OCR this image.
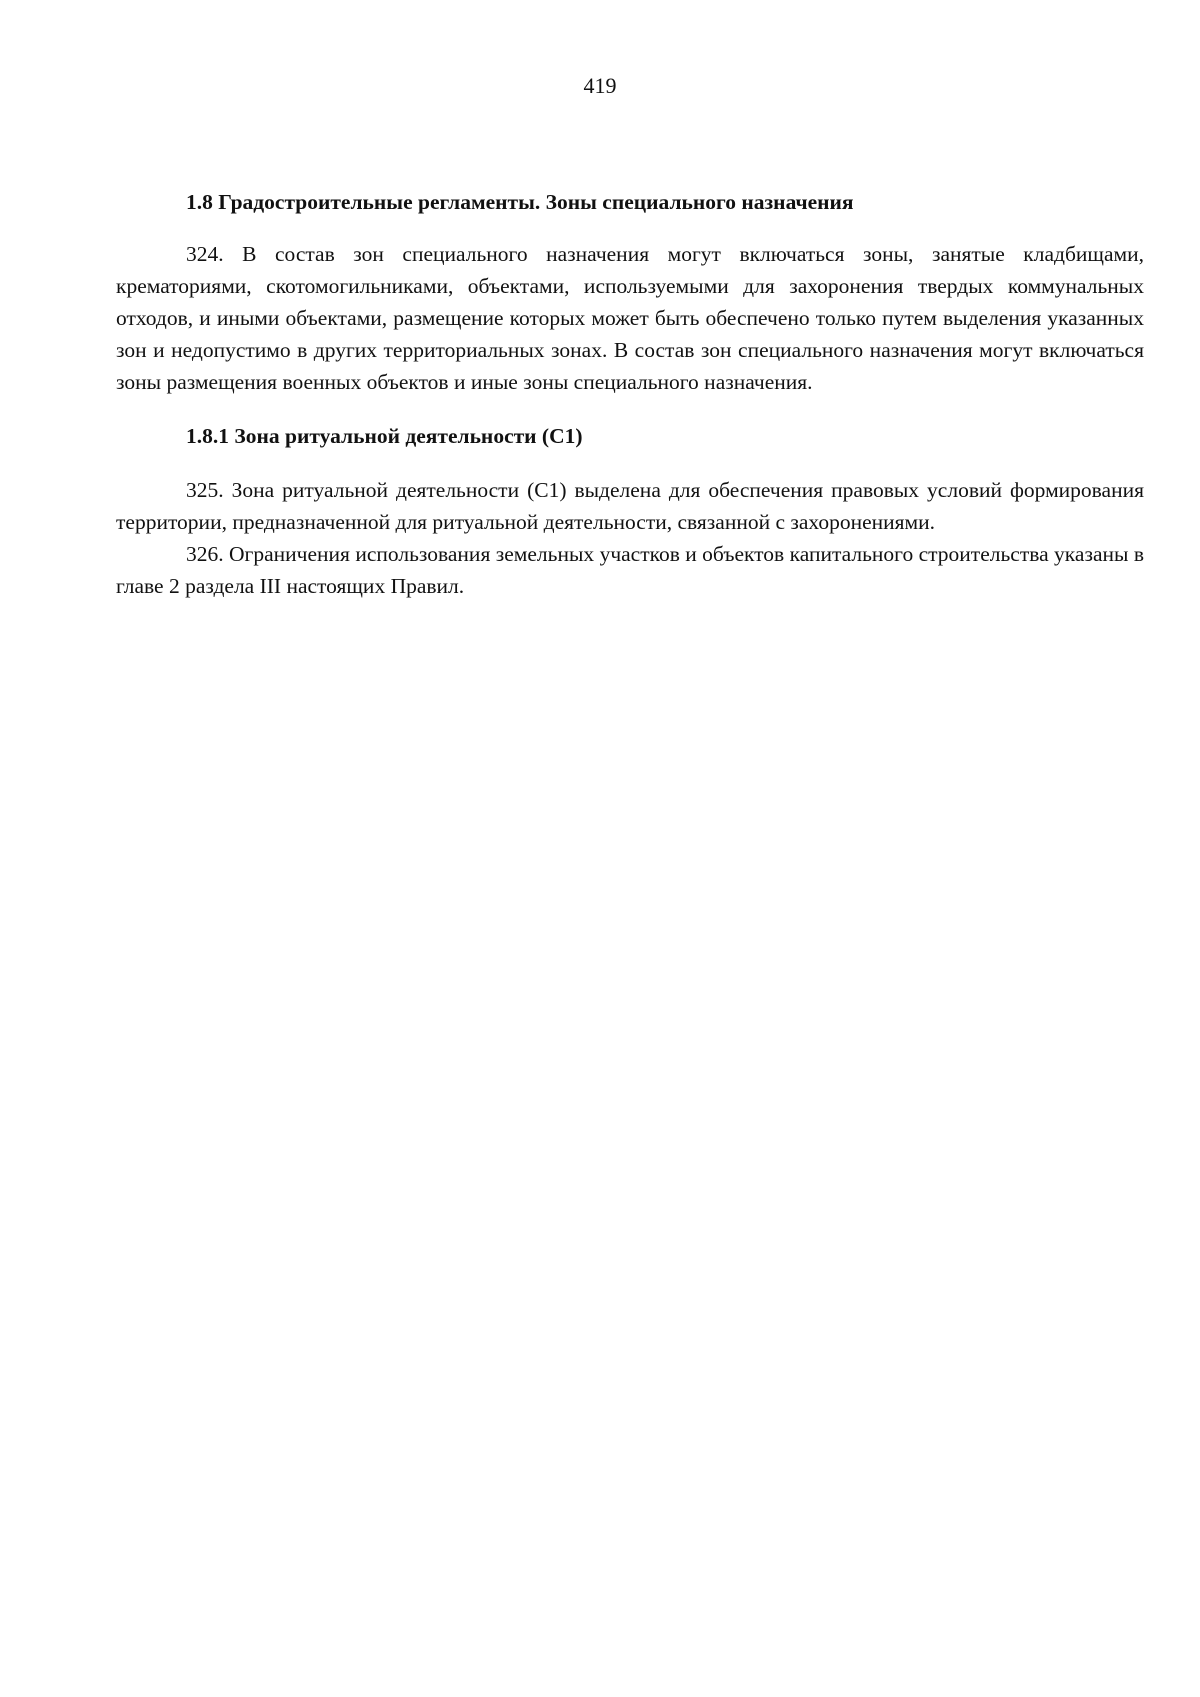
419

1.8 Градостроительные регламенты. Зоны специального назначения

324. В состав зон специального назначения могут включаться зоны, занятые кладбищами, крематориями, скотомогильниками, объектами, используемыми для захоронения твердых коммунальных отходов, и иными объектами, размещение которых может быть обеспечено только путем выделения указанных зон и недопустимо в других территориальных зонах. В состав зон специального назначения могут включаться зоны размещения военных объектов и иные зоны специального назначения.

1.8.1 Зона ритуальной деятельности (С1)

325. Зона ритуальной деятельности (С1) выделена для обеспечения правовых условий формирования территории, предназначенной для ритуальной деятельности, связанной с захоронениями.

326. Ограничения использования земельных участков и объектов капитального строительства указаны в главе 2 раздела III настоящих Правил.
